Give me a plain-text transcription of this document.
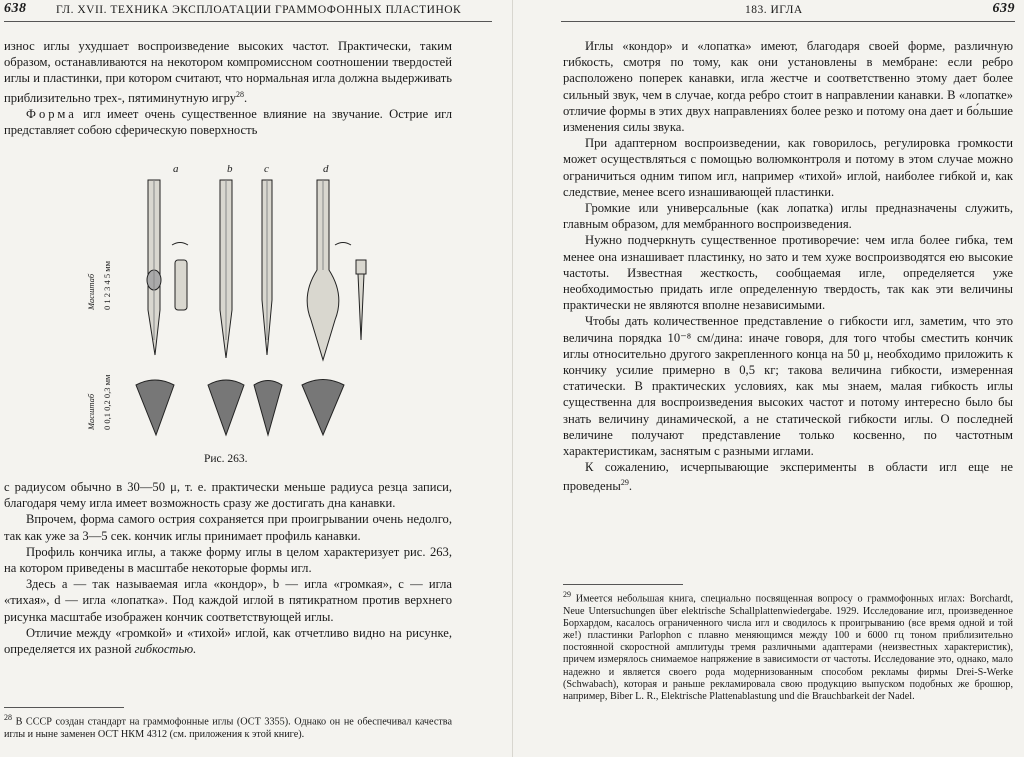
638	ГЛ. XVII. ТЕХНИКА ЭКСПЛОАТАЦИИ ГРАММОФОННЫХ ПЛАСТИНОК

износ иглы ухудшает воспроизведение высоких частот. Практически, таким образом, останавливаются на некотором компромиссном соотношении твердостей иглы и пластинки, при котором считают, что нормальная игла должна выдерживать приблизительно трех-, пятиминутную игру$^{28}$.

Форма игл имеет очень существенное влияние на звучание. Острие игл представляет собою сферическую поверхность

a	b	c	d
Масштаб 0 1 2 3 4 5 мм
Масштаб 0 0,1 0,2 0,3 мм
Рис. 263.

с радиусом обычно в 30—50 μ, т. е. практически меньше радиуса резца записи, благодаря чему игла имеет возможность сразу же достигать дна канавки.

Впрочем, форма самого острия сохраняется при проигрывании очень недолго, так как уже за 3—5 сек. кончик иглы принимает профиль канавки.

Профиль кончика иглы, а также форму иглы в целом характеризует рис. 263, на котором приведены в масштабе некоторые формы игл.

Здесь a — так называемая игла «кондор», b — игла «громкая», c — игла «тихая», d — игла «лопатка». Под каждой иглой в пятикратном против верхнего рисунка масштабе изображен кончик соответствующей иглы.

Отличие между «громкой» и «тихой» иглой, как отчетливо видно на рисунке, определяется их разной гибкостью.

$^{28}$ В СССР создан стандарт на граммофонные иглы (ОСТ 3355). Однако он не обеспечивал качества иглы и ныне заменен ОСТ НКМ 4312 (см. приложения к этой книге).

183. ИГЛА	639

Иглы «кондор» и «лопатка» имеют, благодаря своей форме, различную гибкость, смотря по тому, как они установлены в мембране: если ребро расположено поперек канавки, игла жестче и соответственно этому дает более сильный звук, чем в случае, когда ребро стоит в направлении канавки. В «лопатке» отличие формы в этих двух направлениях более резко и потому она дает и бо́льшие изменения силы звука.

При адаптерном воспроизведении, как говорилось, регулировка громкости может осуществляться с помощью волюмконтроля и потому в этом случае можно ограничиться одним типом игл, например «тихой» иглой, наиболее гибкой и, как следствие, менее всего изнашивающей пластинки.

Громкие или универсальные (как лопатка) иглы предназначены служить, главным образом, для мембранного воспроизведения.

Нужно подчеркнуть существенное противоречие: чем игла более гибка, тем менее она изнашивает пластинку, но зато и тем хуже воспроизводятся ею высокие частоты. Известная жесткость, сообщаемая игле, определяется уже необходимостью придать игле определенную твердость, так как эти величины практически не являются вполне независимыми.

Чтобы дать количественное представление о гибкости игл, заметим, что это величина порядка 10⁻⁸ см/дина: иначе говоря, для того чтобы сместить кончик иглы относительно другого закрепленного конца на 50 μ, необходимо приложить к кончику усилие примерно в 0,5 кг; такова величина гибкости, измеренная статически. В практических условиях, как мы знаем, малая гибкость иглы существенна для воспроизведения высоких частот и потому интересно было бы знать величину динамической, а не статической гибкости иглы. О последней величине получают представление только косвенно, по частотным характеристикам, заснятым с разными иглами.

К сожалению, исчерпывающие эксперименты в области игл еще не проведены$^{29}$.

$^{29}$ Имеется небольшая книга, специально посвященная вопросу о граммофонных иглах: Borchardt, Neue Untersuchungen über elektrische Schallplattenwiedergabe. 1929. Исследование игл, произведенное Борхардом, касалось ограниченного числа игл и сводилось к проигрыванию (все время одной и той же!) пластинки Parlophon с плавно меняющимся между 100 и 6000 гц тоном приблизительно постоянной скоростной амплитуды тремя различными адаптерами (неизвестных характеристик), причем измерялось снимаемое напряжение в зависимости от частоты. Исследование это, однако, мало надежно и является своего рода модернизованным способом рекламы фирмы Drei-S-Werke (Schwabach), которая и раньше рекламировала свою продукцию выпуском подобных же брошюр, например, Biber L. R., Elektrische Plattenablastung und die Brauchbarkeit der Nadel.
